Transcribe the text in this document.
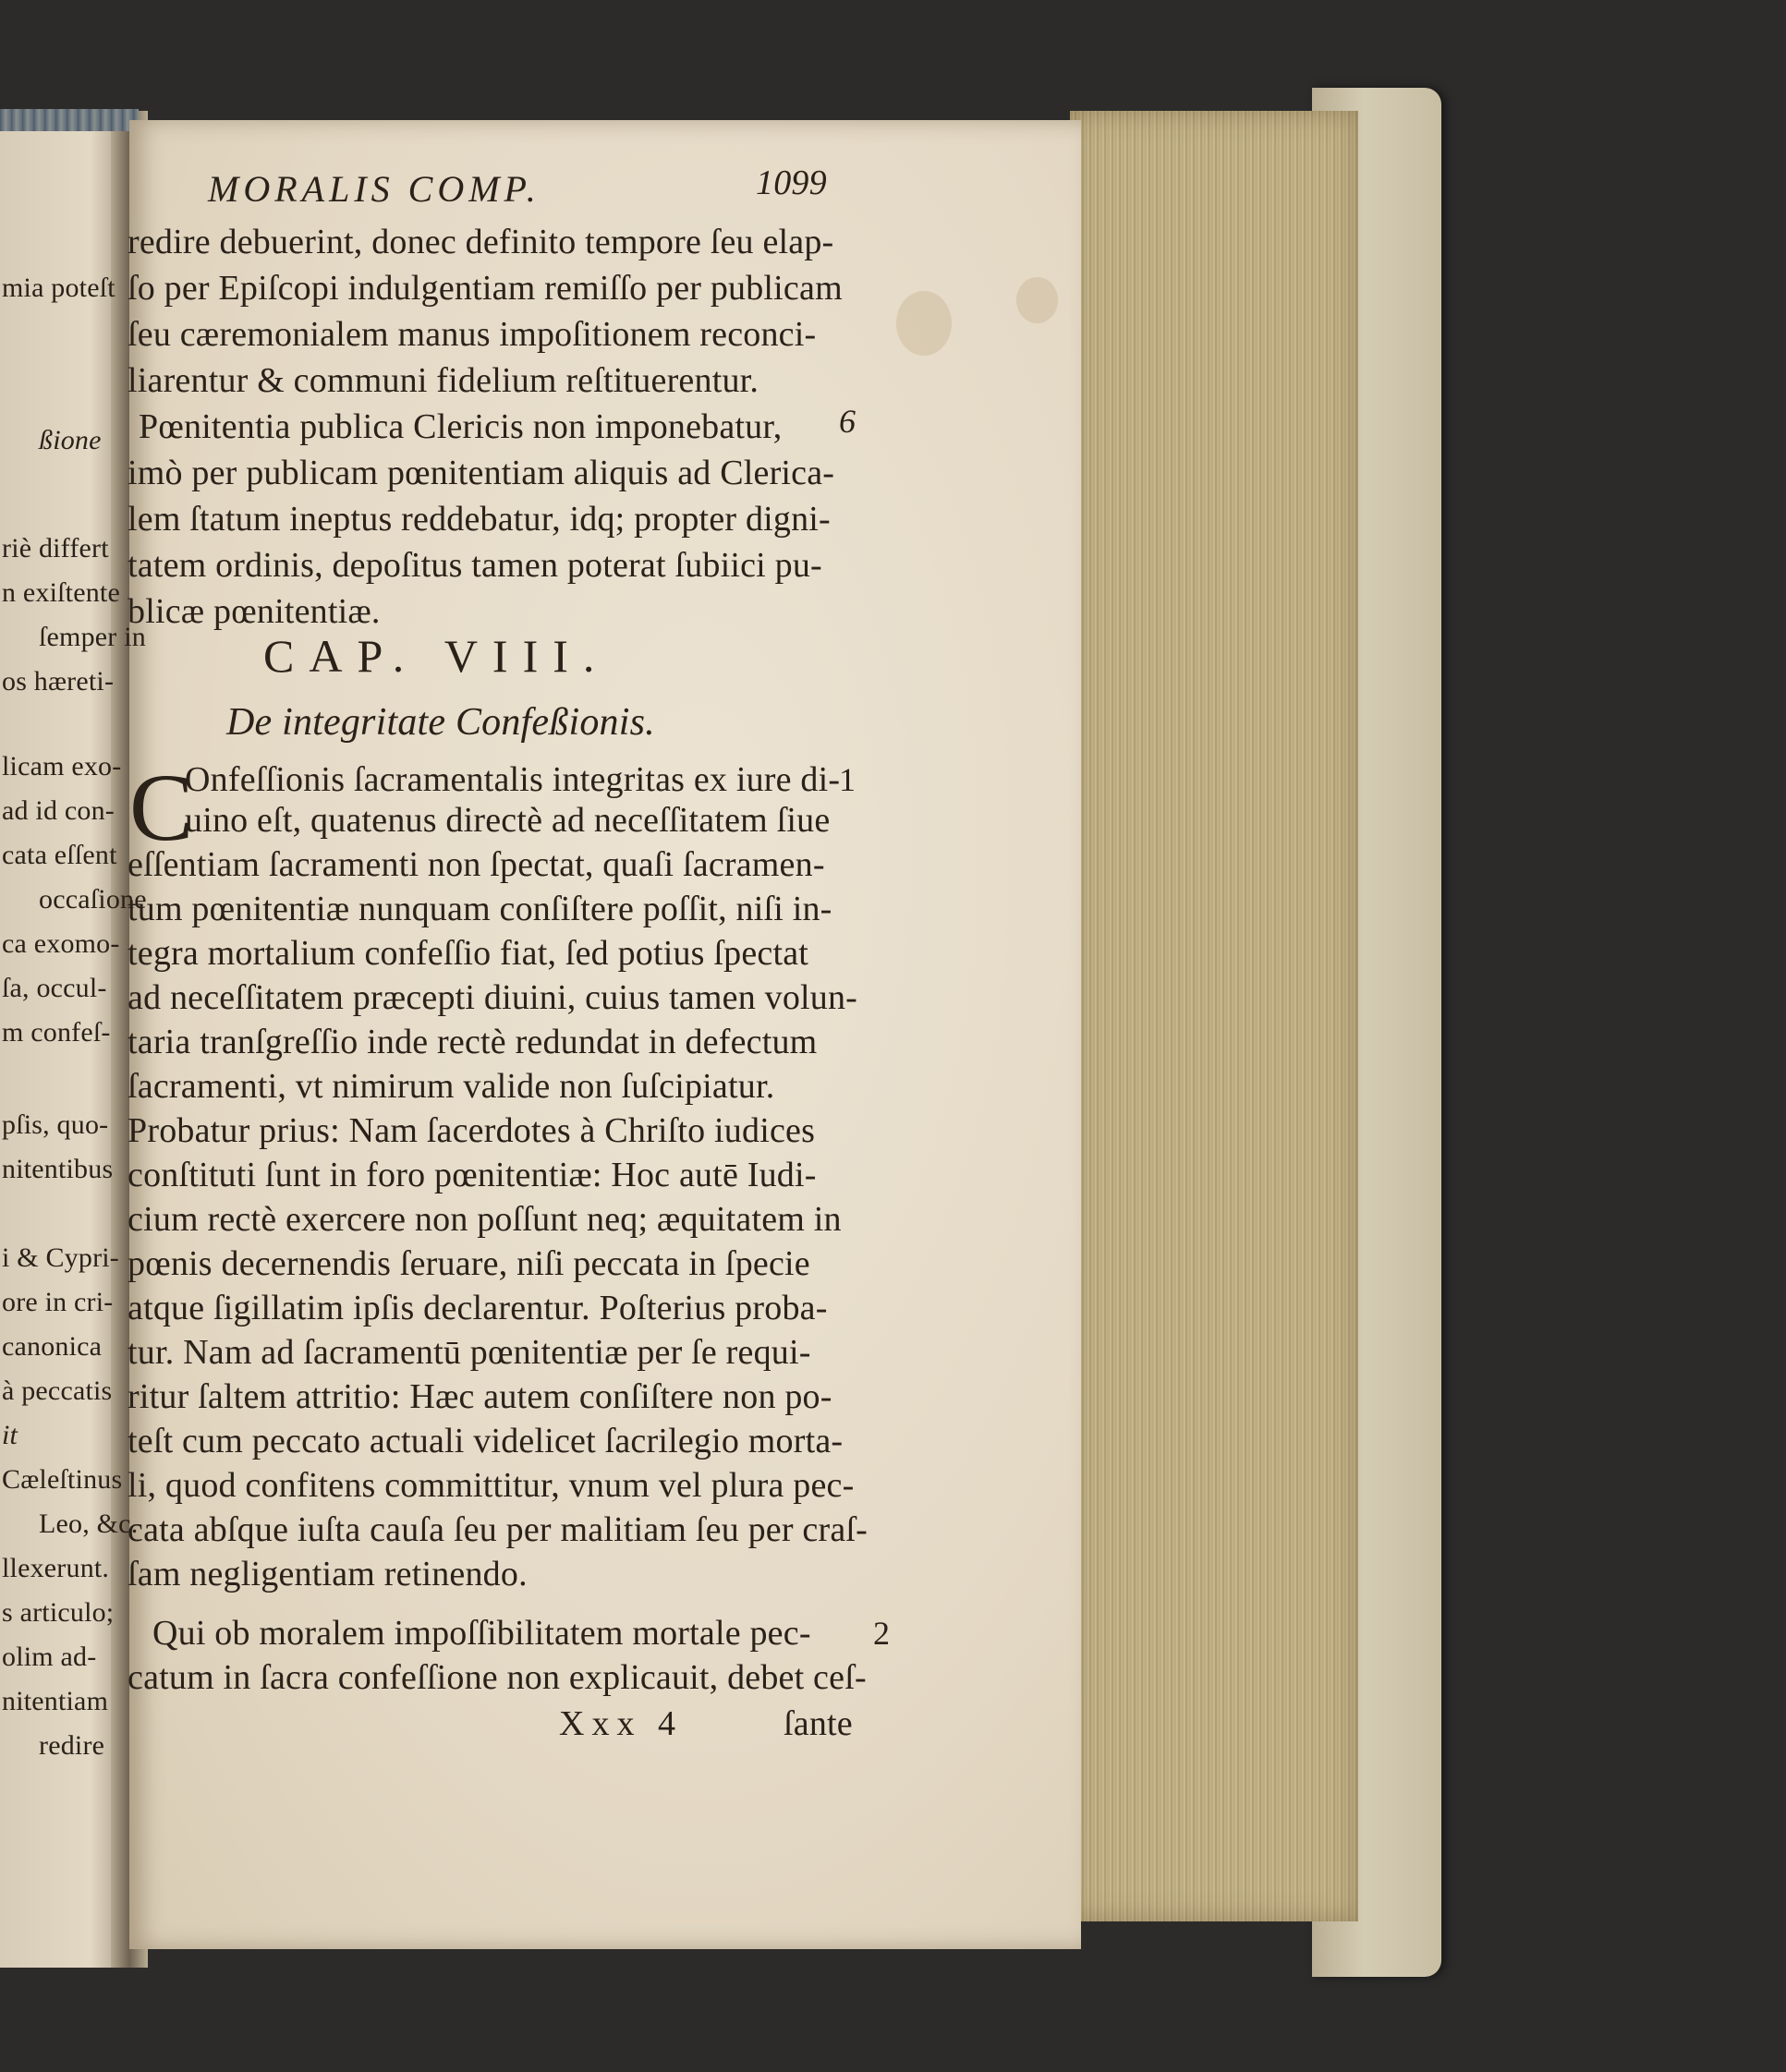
mia poteſt
ßione
riè differt
n exiſtente
ſemper in
os hæreti-
licam exo-
ad id con-
cata eſſent
occaſione
ca exomo-
ſa, occul-
m confeſ-
pſis, quo-
nitentibus
i & Cypri-
ore in cri-
canonica
à peccatis
it
Cæleſtinus
Leo, &c.
llexerunt.
s articulo;
olim ad-
nitentiam
redire
MORALIS COMP.	1099
redire debuerint, donec definito tempore ſeu elap-
ſo per Epiſcopi indulgentiam remiſſo per publicam
ſeu cæremonialem manus impoſitionem reconci-
liarentur & communi fidelium reſtituerentur.
Pœnitentia publica Clericis non imponebatur, 6
imò per publicam pœnitentiam aliquis ad Clerica-
lem ſtatum ineptus reddebatur, idq; propter digni-
tatem ordinis, depoſitus tamen poterat ſubiici pu-
blicæ pœnitentiæ.
CAP. VIII.
De integritate Confeßionis.
C
Onfeſſionis ſacramentalis integritas ex iure di-
1
uino eſt, quatenus directè ad neceſſitatem ſiue
eſſentiam ſacramenti non ſpectat, quaſi ſacramen-
tum pœnitentiæ nunquam conſiſtere poſſit, niſi in-
tegra mortalium confeſſio fiat, ſed potius ſpectat
ad neceſſitatem præcepti diuini, cuius tamen volun-
taria tranſgreſſio inde rectè redundat in defectum
ſacramenti, vt nimirum valide non ſuſcipiatur.
Probatur prius: Nam ſacerdotes à Chriſto iudices
conſtituti ſunt in foro pœnitentiæ: Hoc autē Iudi-
cium rectè exercere non poſſunt neq; æquitatem in
pœnis decernendis ſeruare, niſi peccata in ſpecie
atque ſigillatim ipſis declarentur. Poſterius proba-
tur. Nam ad ſacramentū pœnitentiæ per ſe requi-
ritur ſaltem attritio: Hæc autem conſiſtere non po-
teſt cum peccato actuali videlicet ſacrilegio morta-
li, quod confitens committitur, vnum vel plura pec-
cata abſque iuſta cauſa ſeu per malitiam ſeu per craſ-
ſam negligentiam retinendo.
Qui ob moralem impoſſibilitatem mortale pec- 2
catum in ſacra confeſſione non explicauit, debet ceſ-
Xxx 4	ſante
